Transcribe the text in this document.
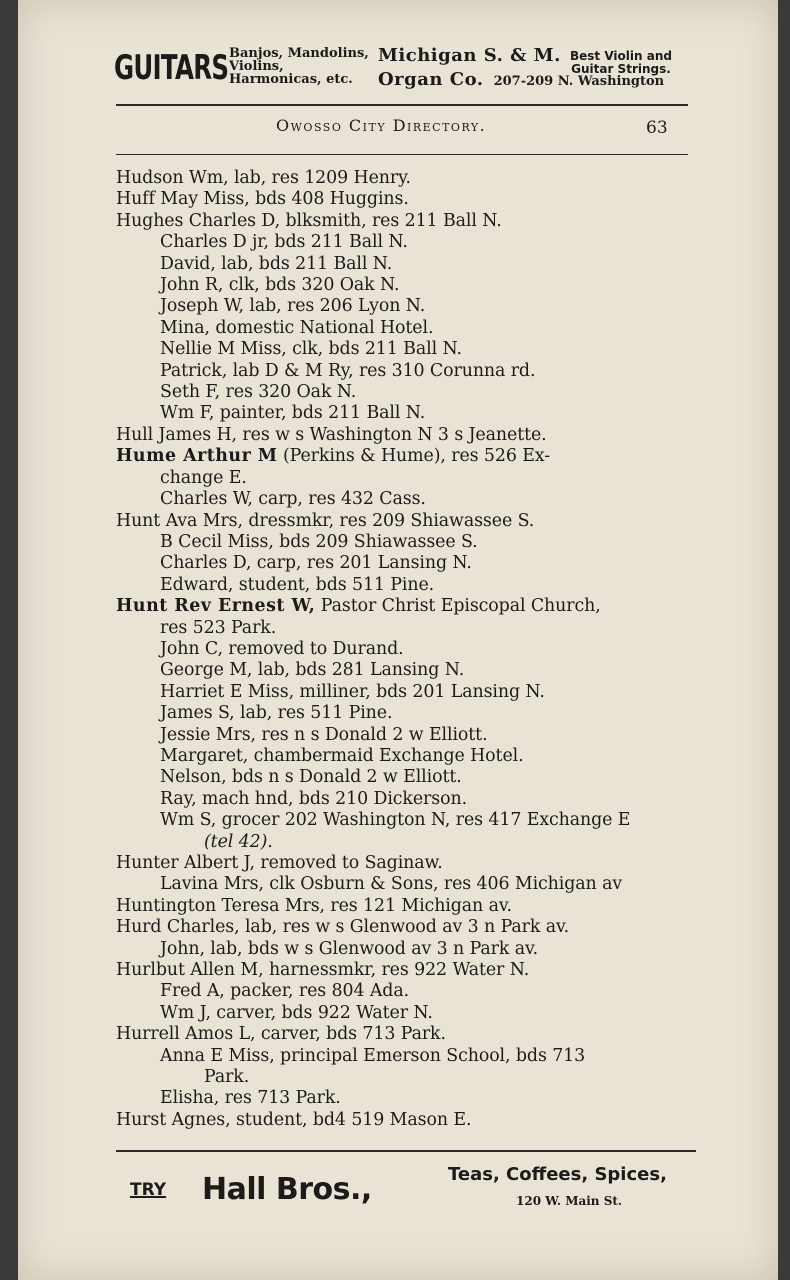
GUITARS Banjos, Mandolins,
Violins,
Harmonicas, etc.
Michigan S. & M.
Organ Co. 207-209 N. Washington
Best Violin and
Guitar Strings.
Owosso City Directory.	63
Hudson Wm, lab, res 1209 Henry.
Huff May Miss, bds 408 Huggins.
Hughes Charles D, blksmith, res 211 Ball N.
Charles D jr, bds 211 Ball N.
David, lab, bds 211 Ball N.
John R, clk, bds 320 Oak N.
Joseph W, lab, res 206 Lyon N.
Mina, domestic National Hotel.
Nellie M Miss, clk, bds 211 Ball N.
Patrick, lab D & M Ry, res 310 Corunna rd.
Seth F, res 320 Oak N.
Wm F, painter, bds 211 Ball N.
Hull James H, res w s Washington N 3 s Jeanette.
Hume Arthur M (Perkins & Hume), res 526 Ex-
change E.
Charles W, carp, res 432 Cass.
Hunt Ava Mrs, dressmkr, res 209 Shiawassee S.
B Cecil Miss, bds 209 Shiawassee S.
Charles D, carp, res 201 Lansing N.
Edward, student, bds 511 Pine.
Hunt Rev Ernest W, Pastor Christ Episcopal Church,
res 523 Park.
John C, removed to Durand.
George M, lab, bds 281 Lansing N.
Harriet E Miss, milliner, bds 201 Lansing N.
James S, lab, res 511 Pine.
Jessie Mrs, res n s Donald 2 w Elliott.
Margaret, chambermaid Exchange Hotel.
Nelson, bds n s Donald 2 w Elliott.
Ray, mach hnd, bds 210 Dickerson.
Wm S, grocer 202 Washington N, res 417 Exchange E
(tel 42).
Hunter Albert J, removed to Saginaw.
Lavina Mrs, clk Osburn & Sons, res 406 Michigan av
Huntington Teresa Mrs, res 121 Michigan av.
Hurd Charles, lab, res w s Glenwood av 3 n Park av.
John, lab, bds w s Glenwood av 3 n Park av.
Hurlbut Allen M, harnessmkr, res 922 Water N.
Fred A, packer, res 804 Ada.
Wm J, carver, bds 922 Water N.
Hurrell Amos L, carver, bds 713 Park.
Anna E Miss, principal Emerson School, bds 713
Park.
Elisha, res 713 Park.
Hurst Agnes, student, bd4 519 Mason E.
TRY Hall Bros.,	Teas, Coffees, Spices,
120 W. Main St.
